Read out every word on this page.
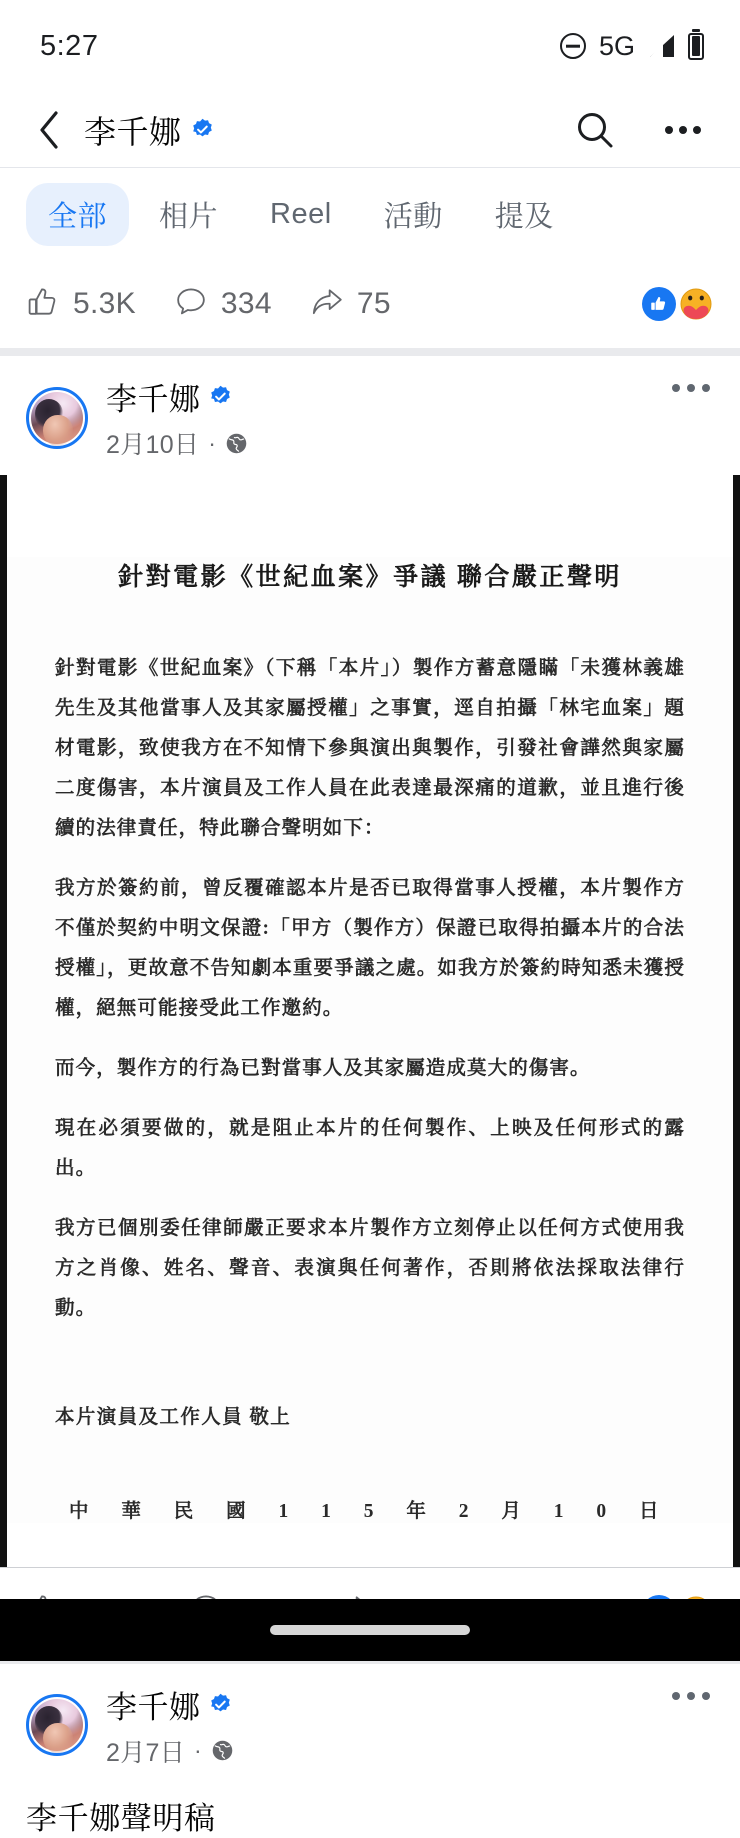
5:27	5G
李千娜
全部	相片	Reel	活動	提及
5.3K	334	75
李千娜
2月10日 ·
針對電影《世紀血案》爭議 聯合嚴正聲明

針對電影《世紀血案》（下稱「本片」）製作方蓄意隱瞞「未獲林義雄先生及其他當事人及其家屬授權」之事實，逕自拍攝「林宅血案」題材電影，致使我方在不知情下參與演出與製作，引發社會譁然與家屬二度傷害，本片演員及工作人員在此表達最深痛的道歉，並且進行後續的法律責任，特此聯合聲明如下：

我方於簽約前，曾反覆確認本片是否已取得當事人授權，本片製作方不僅於契約中明文保證:「甲方（製作方）保證已取得拍攝本片的合法授權」，更故意不告知劇本重要爭議之處。如我方於簽約時知悉未獲授權，絕無可能接受此工作邀約。

而今，製作方的行為已對當事人及其家屬造成莫大的傷害。

現在必須要做的，就是阻止本片的任何製作、上映及任何形式的露出。

我方已個別委任律師嚴正要求本片製作方立刻停止以任何方式使用我方之肖像、姓名、聲音、表演與任何著作，否則將依法採取法律行動。

本片演員及工作人員 敬上
中 華 民 國 1 1 5 年 2 月 1 0 日
李千娜
2月7日 ·
李千娜聲明稿
